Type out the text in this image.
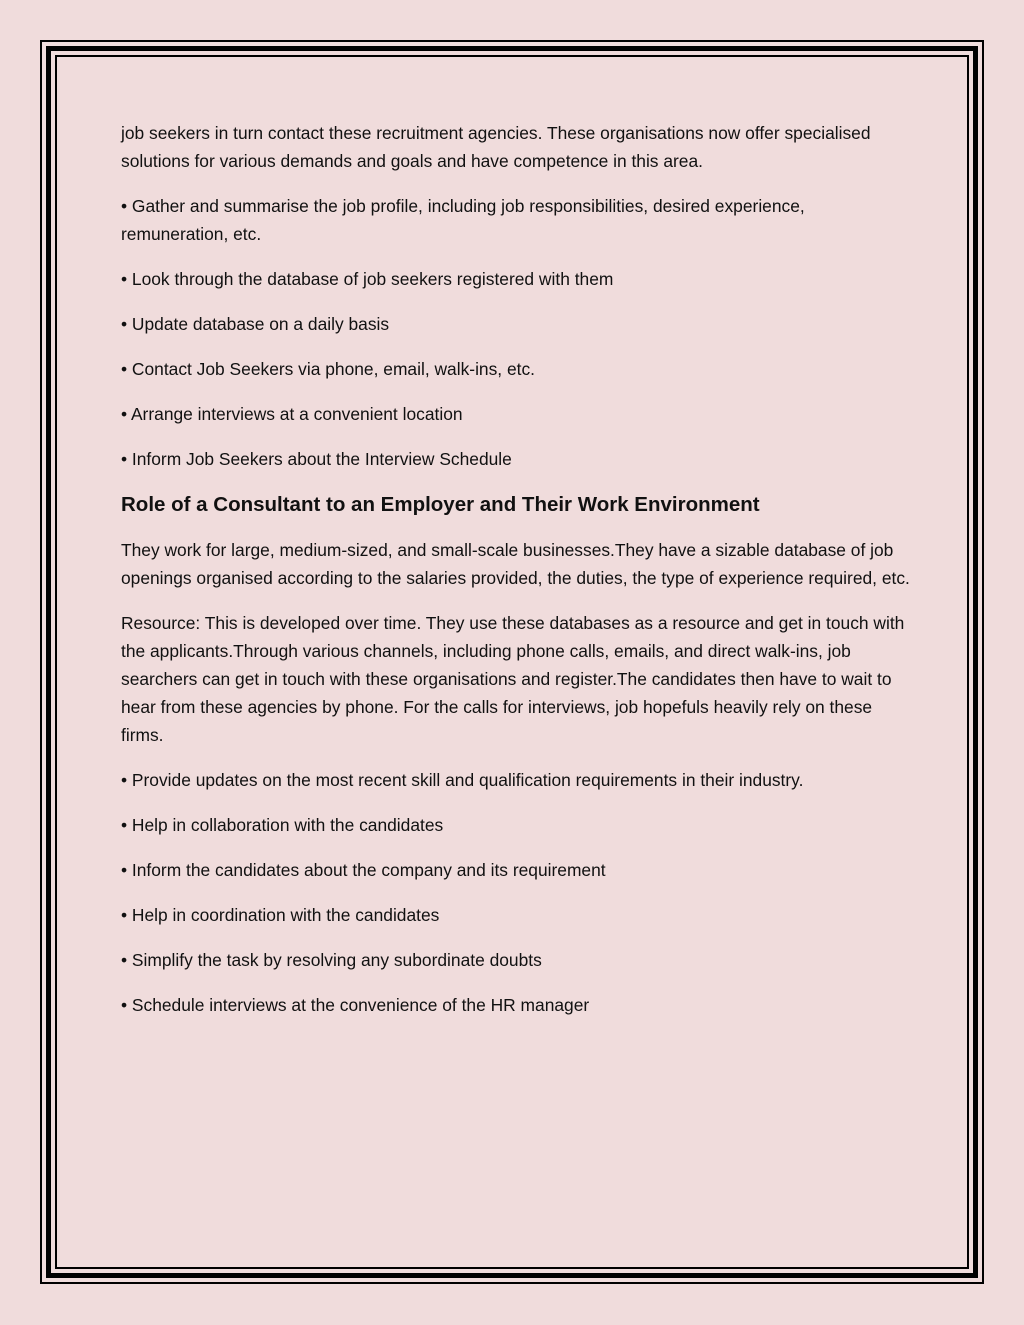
job seekers in turn contact these recruitment agencies. These organisations now offer specialised solutions for various demands and goals and have competence in this area.

• Gather and summarise the job profile, including job responsibilities, desired experience, remuneration, etc.

• Look through the database of job seekers registered with them

• Update database on a daily basis

• Contact Job Seekers via phone, email, walk-ins, etc.

• Arrange interviews at a convenient location

• Inform Job Seekers about the Interview Schedule

Role of a Consultant to an Employer and Their Work Environment

They work for large, medium-sized, and small-scale businesses.They have a sizable database of job openings organised according to the salaries provided, the duties, the type of experience required, etc.

Resource: This is developed over time. They use these databases as a resource and get in touch with the applicants.Through various channels, including phone calls, emails, and direct walk-ins, job searchers can get in touch with these organisations and register.The candidates then have to wait to hear from these agencies by phone. For the calls for interviews, job hopefuls heavily rely on these firms.

• Provide updates on the most recent skill and qualification requirements in their industry.

• Help in collaboration with the candidates

• Inform the candidates about the company and its requirement

• Help in coordination with the candidates

• Simplify the task by resolving any subordinate doubts

• Schedule interviews at the convenience of the HR manager
